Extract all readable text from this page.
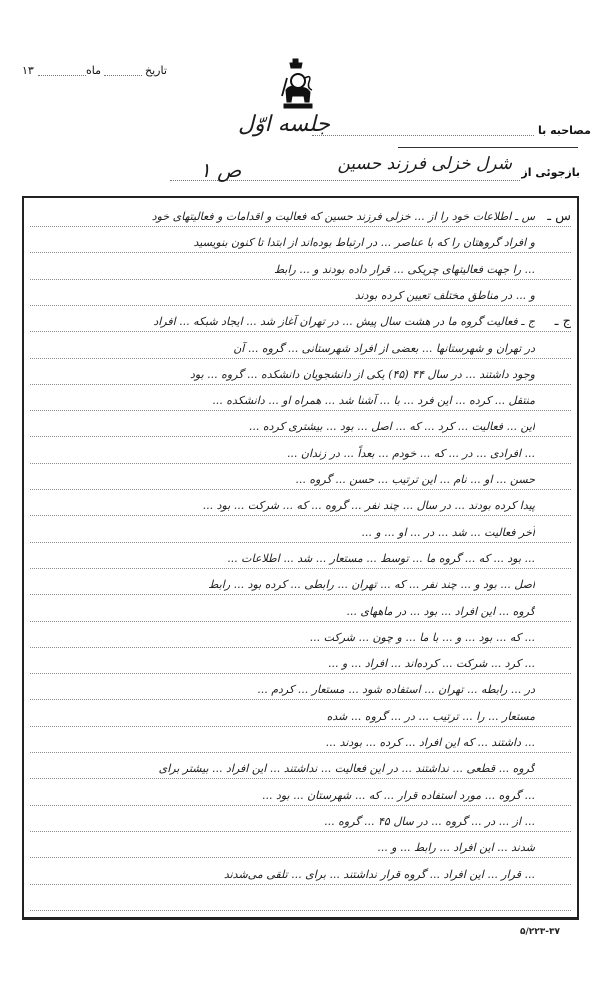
۱۳	ماه	تاریخ
جلسه اوّل	مصاحبه با
بازجوئی از
شرل خزلی فرزند حسین
ص ۱
س ـ اطلاعات خود را از ... خزلی فرزند حسین که فعالیت و اقدامات و فعالیتهای خود
و افراد گروهتان را که با عناصر ... در ارتباط بوده‌اند از ابتدا تا کنون بنویسید
... را جهت فعالیتهای چریکی ... قرار داده بودند و ... رابط
و ... در مناطق مختلف تعیین کرده بودند
ج ـ فعالیت گروه ما در هشت سال پیش ... در تهران آغاز شد ... ایجاد شبکه ... افراد
در تهران و شهرستانها ... بعضی از افراد شهرستانی ... گروه ... آن
وجود داشتند ... در سال ۴۴ (۴۵) یکی از دانشجویان دانشکده ... گروه ... بود
منتقل ... کرده ... این فرد ... با ... آشنا شد ... همراه او ... دانشکده ...
این ... فعالیت ... کرد ... که ... اصل ... بود ... بیشتری کرده ...
... افرادی ... در ... که ... خودم ... بعداً ... در زندان ...
حسن ... او ... نام ... این ترتیب ... حسن ... گروه ...
پیدا کرده بودند ... در سال ... چند نفر ... گروه ... که ... شرکت ... بود ...
آخر فعالیت ... شد ... در ... او ... و ...
... بود ... که ... گروه ما ... توسط ... مستعار ... شد ... اطلاعات ...
اصل ... بود و ... چند نفر ... که ... تهران ... رابطی ... کرده بود ... رابط
گروه ... این افراد ... بود ... در ماههای ...
... که ... بود ... و ... با ما ... و چون ... شرکت ...
... کرد ... شرکت ... کرده‌اند ... افراد ... و ...
در ... رابطه ... تهران ... استفاده شود ... مستعار ... کردم ...
مستعار ... را ... ترتیب ... در ... گروه ... شده
... داشتند ... که این افراد ... کرده ... بودند ...
گروه ... قطعی ... نداشتند ... در این فعالیت ... نداشتند ... این افراد ... بیشتر برای
... گروه ... مورد استفاده قرار ... که ... شهرستان ... بود ...
... از ... در ... گروه ... در سال ۴۵ ... گروه ...
شدند ... این افراد ... رابط ... و ...
... قرار ... این افراد ... گروه قرار نداشتند ... برای ... تلقی می‌شدند
س ـ
ج ـ
۵/۲۲۳-۳۷
